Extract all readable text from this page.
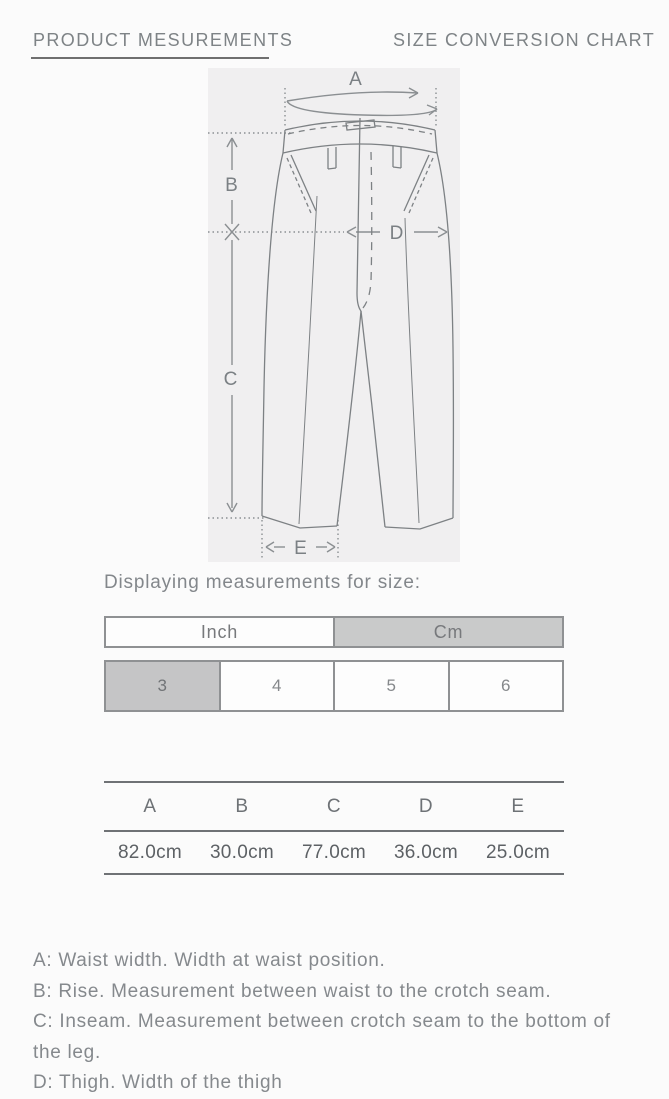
PRODUCT MESUREMENTS	SIZE CONVERSION CHART
A
B
C
D
E
Displaying measurements for size:
Inch	Cm
3	4	5	6
A	B	C	D	E
82.0cm	30.0cm	77.0cm	36.0cm	25.0cm
A: Waist width. Width at waist position.
B: Rise. Measurement between waist to the crotch seam.
C: Inseam. Measurement between crotch seam to the bottom of
the leg.
D: Thigh. Width of the thigh
